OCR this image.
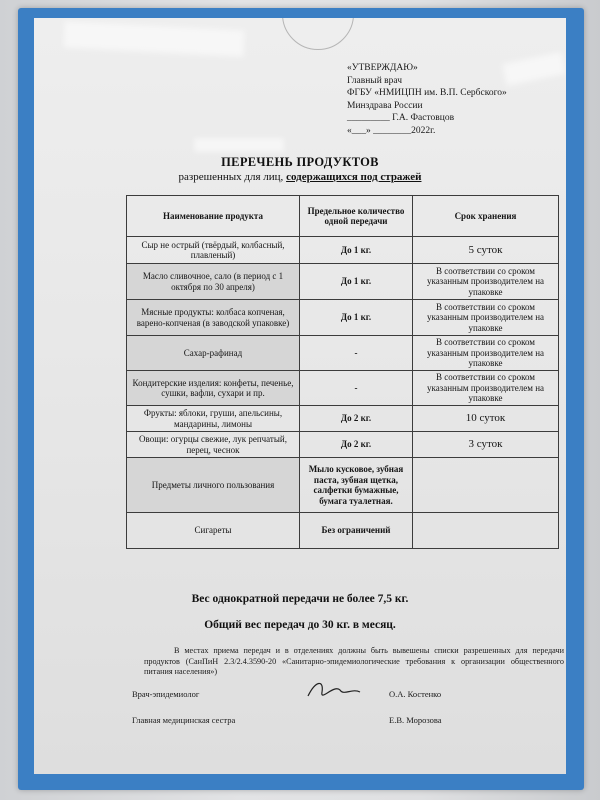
«УТВЕРЖДАЮ»
Главный врач
ФГБУ «НМИЦПН им. В.П. Сербского»
Минздрава России
_________ Г.А. Фастовцов
«___» ________2022г.
ПЕРЕЧЕНЬ ПРОДУКТОВ
разрешенных для лиц, содержащихся под стражей
Наименование продукта	Предельное количество одной передачи	Срок хранения
Сыр не острый (твёрдый, колбасный, плавленый)	До 1 кг.	5 суток
Масло сливочное, сало (в период с 1 октября по 30 апреля)	До 1 кг.	В соответствии со сроком указанным производителем на упаковке
Мясные продукты: колбаса копченая, варено-копченая (в заводской упаковке)	До 1 кг.	В соответствии со сроком указанным производителем на упаковке
Сахар-рафинад	-	В соответствии со сроком указанным производителем на упаковке
Кондитерские изделия: конфеты, печенье, сушки, вафли, сухари и пр.	-	В соответствии со сроком указанным производителем на упаковке
Фрукты: яблоки, груши, апельсины, мандарины, лимоны	До 2 кг.	10 суток
Овощи: огурцы свежие, лук репчатый, перец, чеснок	До 2 кг.	3 суток
Предметы личного пользования	Мыло кусковое, зубная паста, зубная щетка, салфетки бумажные, бумага туалетная.	
Сигареты	Без ограничений	
Вес однократной передачи не более 7,5 кг.
Общий вес передач до 30 кг. в месяц.
В местах приема передач и в отделениях должны быть вывешены списки разрешенных для передачи продуктов (СанПиН 2.3/2.4.3590-20 «Санитарно-эпидемиологические требования к организации общественного питания населения»)
Врач-эпидемиолог	О.А. Костенко
Главная медицинская сестра	Е.В. Морозова
